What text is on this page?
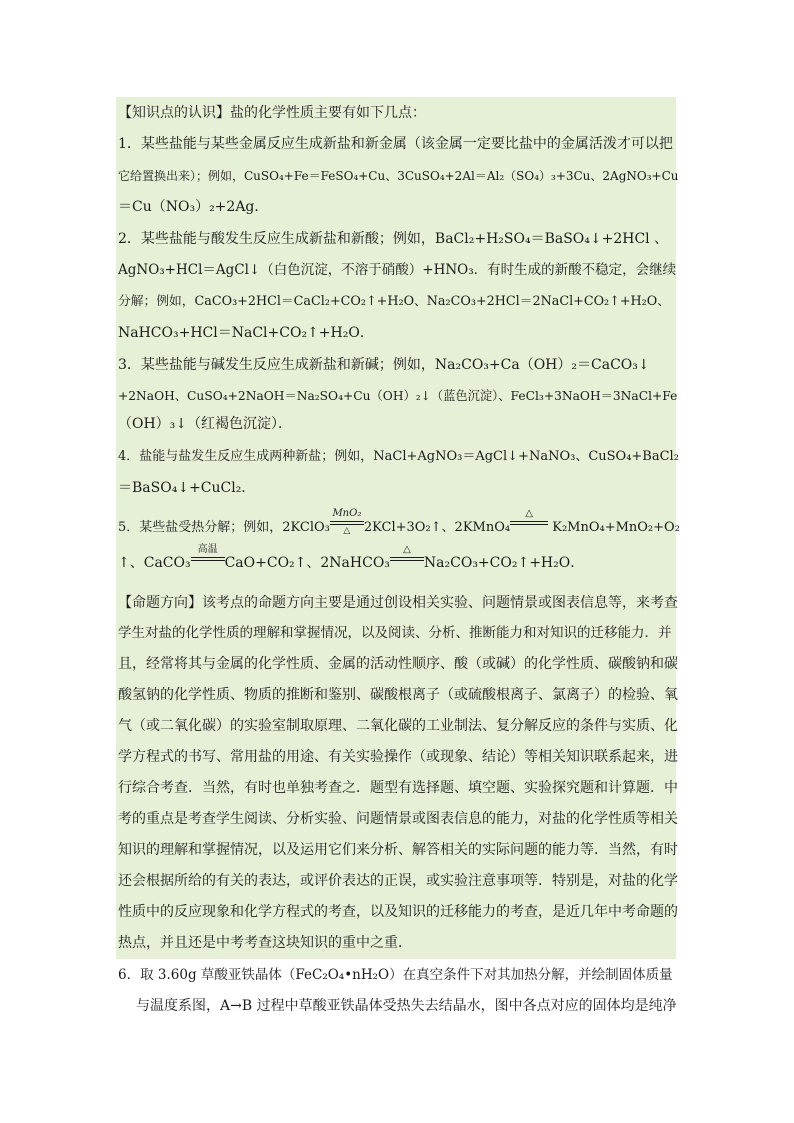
【知识点的认识】盐的化学性质主要有如下几点：
1．某些盐能与某些金属反应生成新盐和新金属（该金属一定要比盐中的金属活泼才可以把
它给置换出来）；例如，CuSO₄+Fe＝FeSO₄+Cu、3CuSO₄+2Al＝Al₂（SO₄）₃+3Cu、2AgNO₃+Cu
＝Cu（NO₃）₂+2Ag．
2．某些盐能与酸发生反应生成新盐和新酸；例如，BaCl₂+H₂SO₄＝BaSO₄↓+2HCl 、
AgNO₃+HCl＝AgCl↓（白色沉淀，不溶于硝酸）+HNO₃．有时生成的新酸不稳定，会继续
分解；例如，CaCO₃+2HCl＝CaCl₂+CO₂↑+H₂O、Na₂CO₃+2HCl＝2NaCl+CO₂↑+H₂O、
NaHCO₃+HCl＝NaCl+CO₂↑+H₂O．
3．某些盐能与碱发生反应生成新盐和新碱；例如，Na₂CO₃+Ca（OH）₂＝CaCO₃↓
+2NaOH、CuSO₄+2NaOH＝Na₂SO₄+Cu（OH）₂↓（蓝色沉淀）、FeCl₃+3NaOH＝3NaCl+Fe
（OH）₃↓（红褐色沉淀）．
4．盐能与盐发生反应生成两种新盐；例如，NaCl+AgNO₃＝AgCl↓+NaNO₃、CuSO₄+BaCl₂
＝BaSO₄↓+CuCl₂．
5．某些盐受热分解；例如，2KClO₃
MnO₂
△	2KCl+3O₂↑、2KMnO₄
△
K₂MnO₄+MnO₂+O₂
↑、CaCO₃
高温
CaO+CO₂↑、2NaHCO₃
△
Na₂CO₃+CO₂↑+H₂O．
【命题方向】该考点的命题方向主要是通过创设相关实验、问题情景或图表信息等，来考查
学生对盐的化学性质的理解和掌握情况，以及阅读、分析、推断能力和对知识的迁移能力．并
且，经常将其与金属的化学性质、金属的活动性顺序、酸（或碱）的化学性质、碳酸钠和碳
酸氢钠的化学性质、物质的推断和鉴别、碳酸根离子（或硫酸根离子、氯离子）的检验、氧
气（或二氧化碳）的实验室制取原理、二氧化碳的工业制法、复分解反应的条件与实质、化
学方程式的书写、常用盐的用途、有关实验操作（或现象、结论）等相关知识联系起来，进
行综合考查．当然，有时也单独考查之．题型有选择题、填空题、实验探究题和计算题．中
考的重点是考查学生阅读、分析实验、问题情景或图表信息的能力，对盐的化学性质等相关
知识的理解和掌握情况，以及运用它们来分析、解答相关的实际问题的能力等．当然，有时
还会根据所给的有关的表达，或评价表达的正误，或实验注意事项等．特别是，对盐的化学
性质中的反应现象和化学方程式的考查，以及知识的迁移能力的考查，是近几年中考命题的
热点，并且还是中考考查这块知识的重中之重．
6．取 3.60g 草酸亚铁晶体（FeC₂O₄•nH₂O）在真空条件下对其加热分解，并绘制固体质量
与温度系图，A→B 过程中草酸亚铁晶体受热失去结晶水，图中各点对应的固体均是纯净
